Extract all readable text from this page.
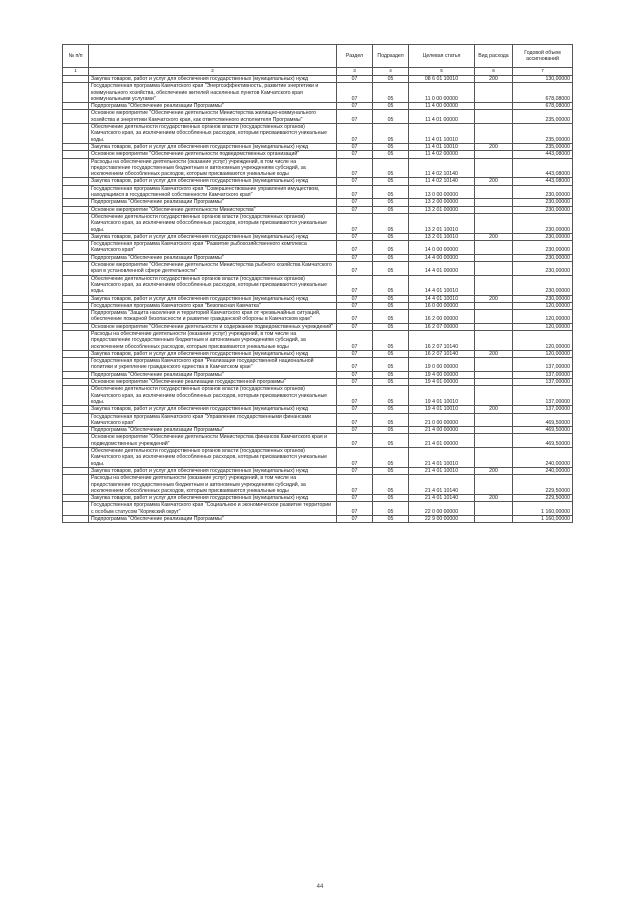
№ п/п		Раздел	Подраздел	Целевая статья	Вид расхода	Годовой объем ассигнований
1	2	3	4	5	6	7
	Закупка товаров, работ и услуг для обеспечения государственных (муниципальных) нужд	07	05	08 6 01 10010	200	130,00000
	Государственная программа Камчатского края "Энергоэффективность, развитие энергетики и коммунального хозяйства, обеспечение жителей населенных пунктов Камчатского края коммунальными услугами"	07	05	11 0 00 00000		678,08000
	Подпрограмма "Обеспечение реализации Программы"	07	05	11 4 00 00000		678,08000
	Основное мероприятие "Обеспечение деятельности Министерства жилищно-коммунального хозяйства и энергетики Камчатского края, как ответственного исполнителя Программы"	07	05	11 4 01 00000		235,00000
	Обеспечение деятельности государственных органов власти (государственных органов) Камчатского края, за исключением обособленных расходов, которым присваиваются уникальные коды.	07	05	11 4 01 10010		235,00000
	Закупка товаров, работ и услуг для обеспечения государственных (муниципальных) нужд	07	05	11 4 01 10010	200	235,00000
	Основное мероприятие "Обеспечение деятельности подведомственных организаций"	07	05	11 4 02 00000		443,08000
	Расходы на обеспечение деятельности (оказание услуг) учреждений, в том числе на предоставление государственным бюджетным и автономным учреждениям субсидий, за исключением обособленных расходов, которым присваиваются уникальные коды	07	05	11 4 02 10140		443,08000
	Закупка товаров, работ и услуг для обеспечения государственных (муниципальных) нужд	07	05	11 4 02 10140	200	443,08000
	Государственная программа Камчатского края "Совершенствование управления имуществом, находящимся в государственной собственности Камчатского края"	07	05	13 0 00 00000		230,00000
	Подпрограмма "Обеспечение реализации Программы"	07	05	13 2 00 00000		230,00000
	Основное мероприятие "Обеспечение деятельности Министерства"	07	05	13 2 01 00000		230,00000
	Обеспечение деятельности государственных органов власти (государственных органов) Камчатского края, за исключением обособленных расходов, которым присваиваются уникальные коды.	07	05	13 2 01 10010		230,00000
	Закупка товаров, работ и услуг для обеспечения государственных (муниципальных) нужд	07	05	13 2 01 10010	200	230,00000
	Государственная программа Камчатского края "Развитие рыбохозяйственного комплекса Камчатского края"	07	05	14 0 00 00000		230,00000
	Подпрограмма "Обеспечение реализации Программы"	07	05	14 4 00 00000		230,00000
	Основное мероприятие "Обеспечение деятельности Министерства рыбного хозяйства Камчатского края в установленной сфере деятельности"	07	05	14 4 01 00000		230,00000
	Обеспечение деятельности государственных органов власти (государственных органов) Камчатского края, за исключением обособленных расходов, которым присваиваются уникальные коды.	07	05	14 4 01 10010		230,00000
	Закупка товаров, работ и услуг для обеспечения государственных (муниципальных) нужд	07	05	14 4 01 10010	200	230,00000
	Государственная программа Камчатского края "Безопасная Камчатка"	07	05	16 0 00 00000		120,00000
	Подпрограмма "Защита населения и территорий Камчатского края от чрезвычайных ситуаций, обеспечение пожарной безопасности и развитие гражданской обороны в Камчатском крае"	07	05	16 2 00 00000		120,00000
	Основное мероприятие "Обеспечение деятельности и содержание подведомственных учреждений"	07	05	16 2 07 00000		120,00000
	Расходы на обеспечение деятельности (оказание услуг) учреждений, в том числе на предоставление государственным бюджетным и автономным учреждениям субсидий, за исключением обособленных расходов, которым присваиваются уникальные коды	07	05	16 2 07 10140		120,00000
	Закупка товаров, работ и услуг для обеспечения государственных (муниципальных) нужд	07	05	16 2 07 10140	200	120,00000
	Государственная программа Камчатского края "Реализация государственной национальной политики и укрепление гражданского единства в Камчатском крае"	07	05	19 0 00 00000		137,00000
	Подпрограмма "Обеспечение реализации Программы"	07	05	19 4 00 00000		137,00000
	Основное мероприятие "Обеспечение реализации государственной программы"	07	05	19 4 01 00000		137,00000
	Обеспечение деятельности государственных органов власти (государственных органов) Камчатского края, за исключением обособленных расходов, которым присваиваются уникальные коды.	07	05	19 4 01 10010		137,00000
	Закупка товаров, работ и услуг для обеспечения государственных (муниципальных) нужд	07	05	19 4 01 10010	200	137,00000
	Государственная программа Камчатского края "Управление государственными финансами Камчатского края"	07	05	21 0 00 00000		469,50000
	Подпрограмма "Обеспечение реализации Программы"	07	05	21 4 00 00000		469,50000
	Основное мероприятие "Обеспечение деятельности Министерства финансов Камчатского края и подведомственных учреждений"	07	05	21 4 01 00000		469,50000
	Обеспечение деятельности государственных органов власти (государственных органов) Камчатского края, за исключением обособленных расходов, которым присваиваются уникальные коды.	07	05	21 4 01 10010		240,00000
	Закупка товаров, работ и услуг для обеспечения государственных (муниципальных) нужд	07	05	21 4 01 10010	200	240,00000
	Расходы на обеспечение деятельности (оказание услуг) учреждений, в том числе на предоставление государственным бюджетным и автономным учреждениям субсидий, за исключением обособленных расходов, которым присваиваются уникальные коды	07	05	21 4 01 10140		229,50000
	Закупка товаров, работ и услуг для обеспечения государственных (муниципальных) нужд	07	05	21 4 01 10140	200	229,50000
	Государственная программа Камчатского края "Социальное и экономическое развитие территории с особым статусом "Корякский округ"	07	05	22 0 00 00000		1 160,00000
	Подпрограмма "Обеспечение реализации Программы"	07	05	22 9 00 00000		1 160,00000
44
